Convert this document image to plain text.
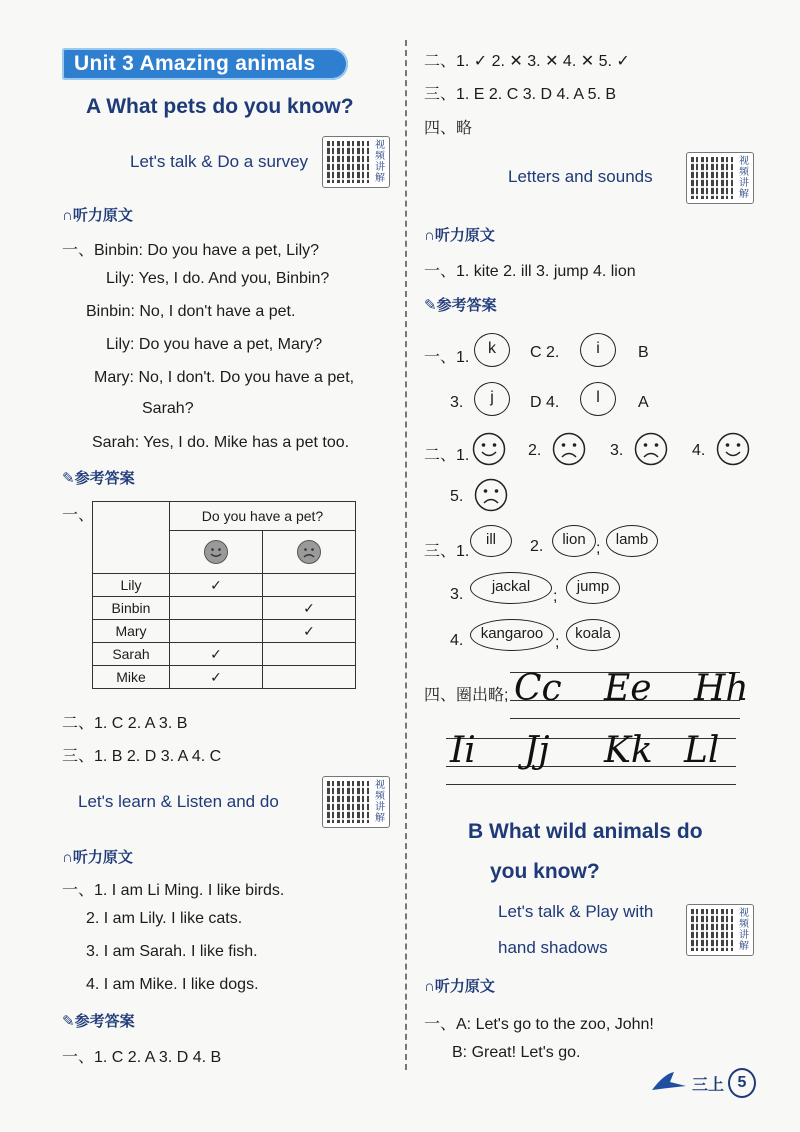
Unit 3 Amazing animals
A What pets do you know?
Let's talk & Do a survey
视频讲解
∩听力原文
一、Binbin: Do you have a pet, Lily?
Lily: Yes, I do. And you, Binbin?
Binbin: No, I don't have a pet.
Lily: Do you have a pet, Mary?
Mary: No, I don't. Do you have a pet,
Sarah?
Sarah: Yes, I do. Mike has a pet too.
✎参考答案
一、
		Do you have a pet?	

Lily	✓	
Binbin		✓
Mary		✓
Sarah	✓	
Mike	✓	
二、1. C 2. A 3. B
三、1. B 2. D 3. A 4. C
Let's learn & Listen and do
视频讲解
∩听力原文
一、1. I am Li Ming. I like birds.
2. I am Lily. I like cats.
3. I am Sarah. I like fish.
4. I am Mike. I like dogs.
✎参考答案
一、1. C 2. A 3. D 4. B
二、1. ✓ 2. ✕ 3. ✕ 4. ✕ 5. ✓
三、1. E 2. C 3. D 4. A 5. B
四、略
Letters and sounds
视频讲解
∩听力原文
一、1. kite 2. ill 3. jump 4. lion
✎参考答案
一、1.
k	C 2.	i	B
3.	j	D 4.	l	A
二、1.	2.	3.	4.
5.
三、1.
ill	2.	lion
;
lamb
3.	jackal
;
jump
4.	kangaroo
;
koala
四、圈出略; Cc Ee Hh
Ii Jj Kk Ll
B What wild animals do
you know?
Let's talk & Play with
hand shadows
视频讲解
∩听力原文
一、A: Let's go to the zoo, John!
B: Great! Let's go.
三上 5
